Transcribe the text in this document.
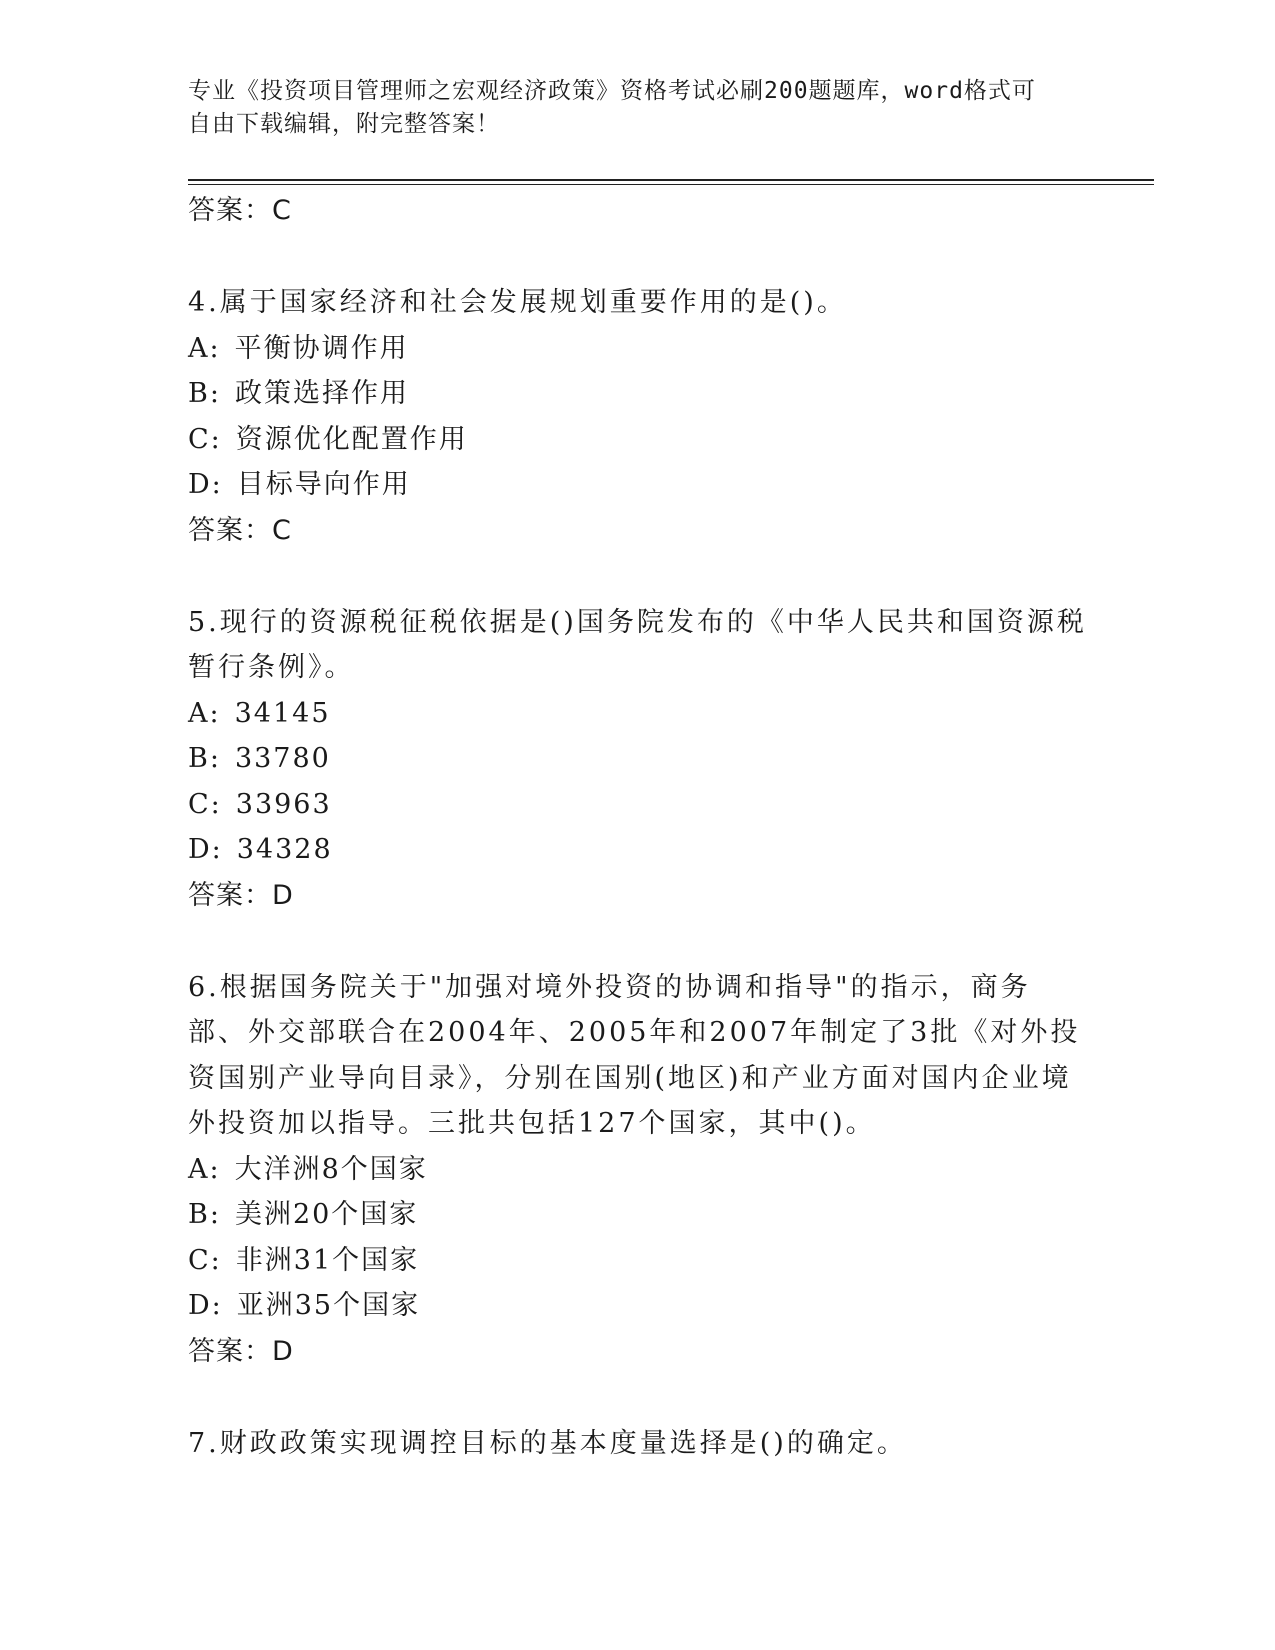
专业《投资项目管理师之宏观经济政策》资格考试必刷200题题库，word格式可
自由下载编辑，附完整答案！
答案：C
4.属于国家经济和社会发展规划重要作用的是()。
A: 平衡协调作用
B: 政策选择作用
C: 资源优化配置作用
D: 目标导向作用
答案：C
5.现行的资源税征税依据是()国务院发布的《中华人民共和国资源税暂行条例》。
A: 34145
B: 33780
C: 33963
D: 34328
答案：D
6.根据国务院关于"加强对境外投资的协调和指导"的指示，商务部、外交部联合在2004年、2005年和2007年制定了3批《对外投资国别产业导向目录》，分别在国别(地区)和产业方面对国内企业境外投资加以指导。三批共包括127个国家，其中()。
A: 大洋洲8个国家
B: 美洲20个国家
C: 非洲31个国家
D: 亚洲35个国家
答案：D
7.财政政策实现调控目标的基本度量选择是()的确定。
